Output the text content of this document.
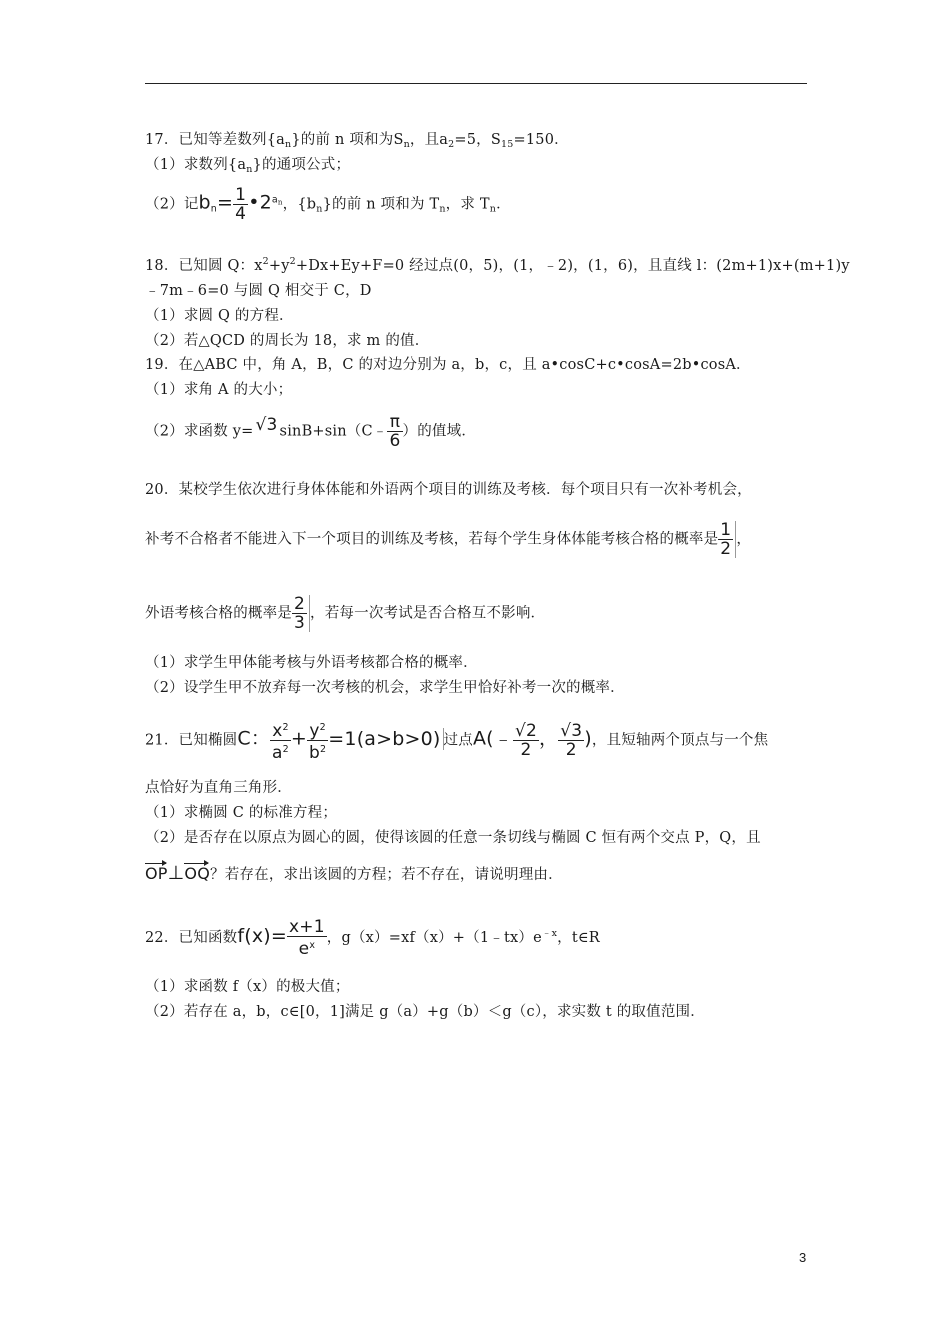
17．已知等差数列$\{a_n\}$的前 n 项和为$S_n$，且$a_2=5$，$S_{15}=150$．
（1）求数列$\{a_n\}$的通项公式；
（2）记$b_n= \frac{1}{4}$ $•2^{an}$，$\{b_n\}$的前 n 项和为 $T_n$，求 $T_n$．
18．已知圆 Q：$x^2+y^2+Dx+Ey+F=0$ 经过点(0，5)，(1，﹣2)，(1，6)，且直线 l：(2m+1)x+(m+1)y
﹣7m﹣6=0 与圆 Q 相交于 C，D
（1）求圆 Q 的方程．
（2）若△QCD 的周长为 18，求 m 的值．
19．在△ABC 中，角 A，B，C 的对边分别为 a，b，c，且 a•cosC+c•cosA=2b•cosA．
（1）求角 A 的大小；
（2）求函数 y= √3 sinB+sin（C﹣ $\frac{\pi}{6}$ ）的值域．
20．某校学生依次进行身体体能和外语两个项目的训练及考核．每个项目只有一次补考机会，
补考不合格者不能进入下一个项目的训练及考核，若每个学生身体体能考核合格的概率是 $\frac{1}{2}$ ，
外语考核合格的概率是 $\frac{2}{3}$ ，若每一次考试是否合格互不影响．
（1）求学生甲体能考核与外语考核都合格的概率．
（2）设学生甲不放弃每一次考核的机会，求学生甲恰好补考一次的概率．
21．已知椭圆C： $\frac{x^2}{a^2} + \frac{y^2}{b^2} =1(a>b>0)$ 过点A(﹣ $\frac{√2}{2}$ ， $\frac{√3}{2}$ )，且短轴两个顶点与一个焦
点恰好为直角三角形．
（1）求椭圆 C 的标准方程；
（2）是否存在以原点为圆心的圆，使得该圆的任意一条切线与椭圆 C 恒有两个交点 P，Q，且
OP⊥OQ？若存在，求出该圆的方程；若不存在，请说明理由．
22．已知函数$f(x)= \frac{x+1}{e^x}$ ，$g(x)=xf(x)+(1﹣tx)e^{﹣x}$，t∈R
（1）求函数 f（x）的极大值；
（2）若存在 a，b，c∈[0，1]满足 g（a）+g（b）＜g（c），求实数 t 的取值范围．
3
